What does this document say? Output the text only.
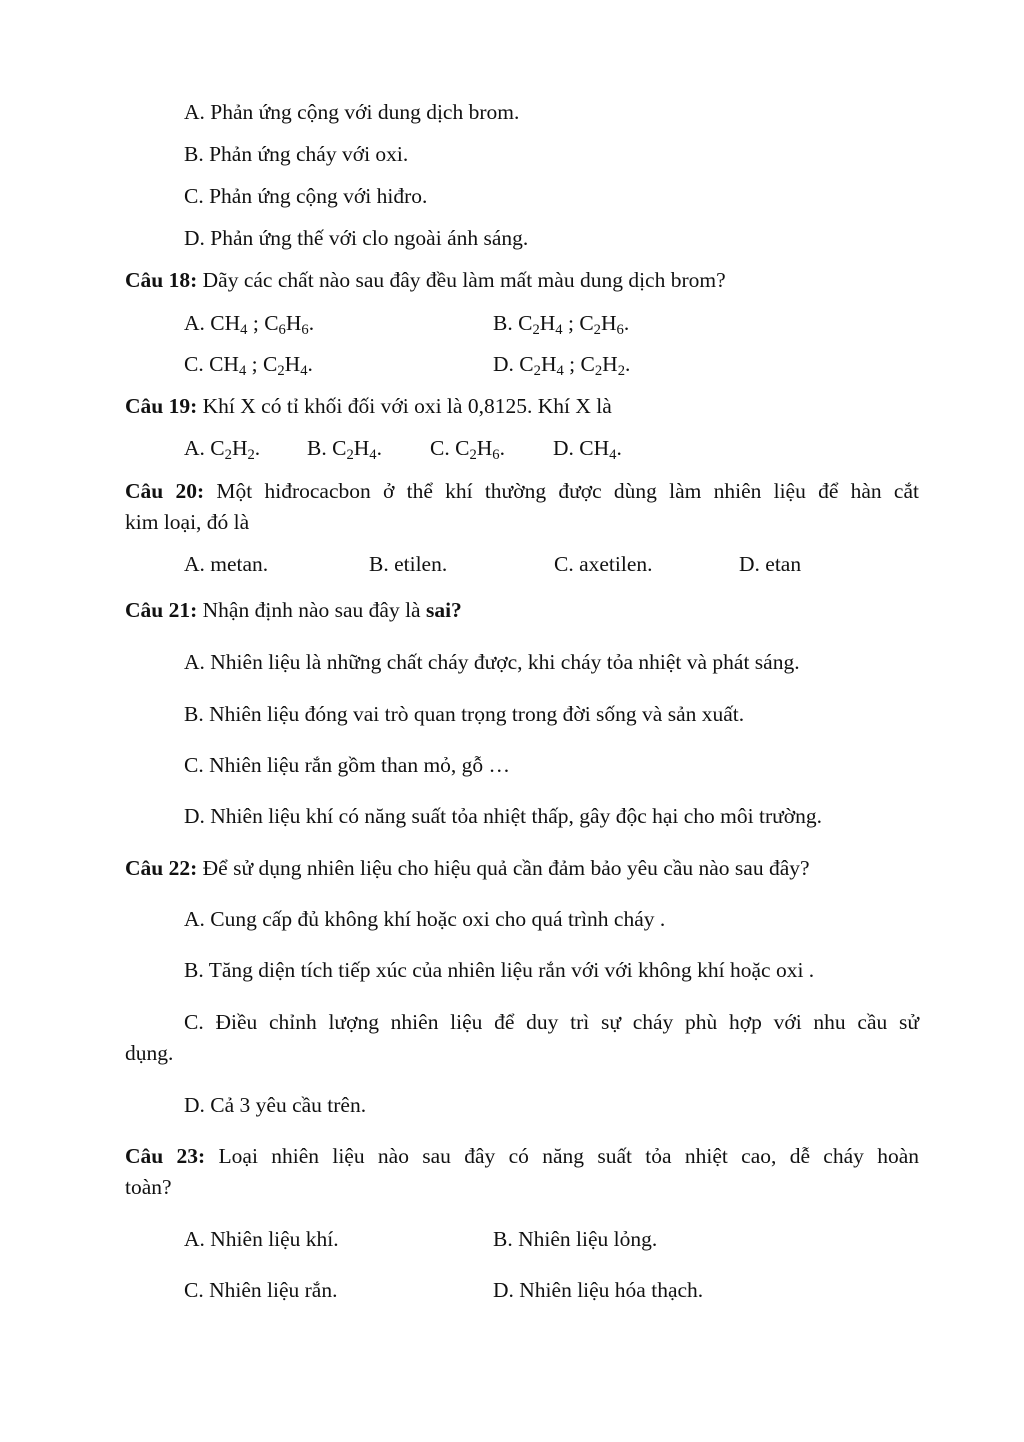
A. Phản ứng cộng với dung dịch brom.
B. Phản ứng cháy với oxi.
C. Phản ứng cộng với hiđro.
D. Phản ứng thế với clo ngoài ánh sáng.
Câu 18: Dãy các chất nào sau đây đều làm mất màu dung dịch brom?
A. $CH_4$ ; $C_6H_6$.	B. $C_2H_4$ ; $C_2H_6$.
C. $CH_4$ ; $C_2H_4$.	D. $C_2H_4$ ; $C_2H_2$.
Câu 19: Khí X có tỉ khối đối với oxi là 0,8125. Khí X là
A. $C_2H_2$. B. $C_2H_4$. C. $C_2H_6$. D. $CH_4$.
Câu 20: Một hiđrocacbon ở thể khí thường được dùng làm nhiên liệu để hàn cắt
kim loại, đó là
A. metan.	B. etilen.	C. axetilen.	D. etan
Câu 21: Nhận định nào sau đây là sai?
A. Nhiên liệu là những chất cháy được, khi cháy tỏa nhiệt và phát sáng.
B. Nhiên liệu đóng vai trò quan trọng trong đời sống và sản xuất.
C. Nhiên liệu rắn gồm than mỏ, gỗ …
D. Nhiên liệu khí có năng suất tỏa nhiệt thấp, gây độc hại cho môi trường.
Câu 22: Để sử dụng nhiên liệu cho hiệu quả cần đảm bảo yêu cầu nào sau đây?
A. Cung cấp đủ không khí hoặc oxi cho quá trình cháy .
B. Tăng diện tích tiếp xúc của nhiên liệu rắn với với không khí hoặc oxi .
C. Điều chỉnh lượng nhiên liệu để duy trì sự cháy phù hợp với nhu cầu sử
dụng.
D. Cả 3 yêu cầu trên.
Câu 23: Loại nhiên liệu nào sau đây có năng suất tỏa nhiệt cao, dễ cháy hoàn
toàn?
A. Nhiên liệu khí.	B. Nhiên liệu lỏng.
C. Nhiên liệu rắn.	D. Nhiên liệu hóa thạch.
